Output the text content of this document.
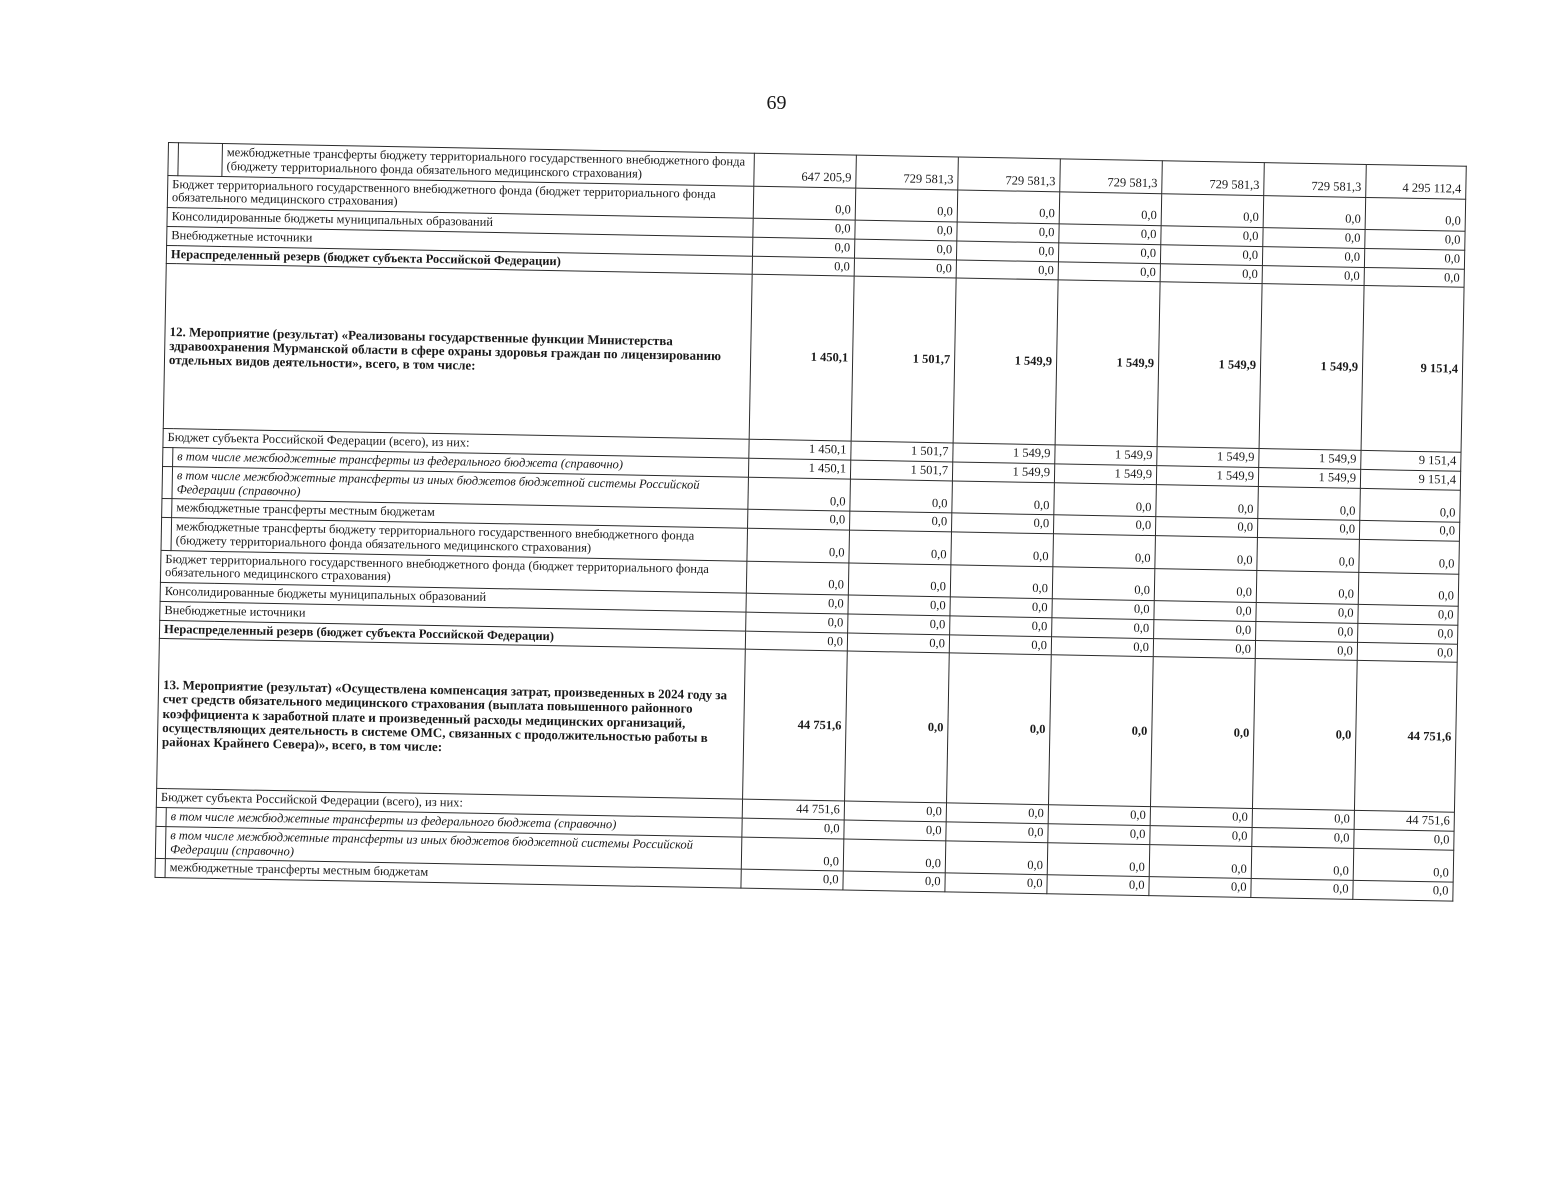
69
		межбюджетные трансферты бюджету территориального государственного внебюджетного фонда (бюджету территориального фонда обязательного медицинского страхования)	647 205,9	729 581,3	729 581,3	729 581,3	729 581,3	729 581,3	4 295 112,4
Бюджет территориального государственного внебюджетного фонда (бюджет территориального фонда обязательного медицинского страхования)			0,0	0,0	0,0	0,0	0,0	0,0	0,0
Консолидированные бюджеты муниципальных образований			0,0	0,0	0,0	0,0	0,0	0,0	0,0
Внебюджетные источники			0,0	0,0	0,0	0,0	0,0	0,0	0,0
Нераспределенный резерв (бюджет субъекта Российской Федерации)			0,0	0,0	0,0	0,0	0,0	0,0	0,0
12. Мероприятие (результат) «Реализованы государственные функции Министерства здравоохранения Мурманской области в сфере охраны здоровья граждан по лицензированию отдельных видов деятельности», всего, в том числе:			1 450,1	1 501,7	1 549,9	1 549,9	1 549,9	1 549,9	9 151,4
Бюджет субъекта Российской Федерации (всего), из них:			1 450,1	1 501,7	1 549,9	1 549,9	1 549,9	1 549,9	9 151,4
	в том числе межбюджетные трансферты из федерального бюджета (справочно)		1 450,1	1 501,7	1 549,9	1 549,9	1 549,9	1 549,9	9 151,4
	в том числе межбюджетные трансферты из иных бюджетов бюджетной системы Российской Федерации (справочно)		0,0	0,0	0,0	0,0	0,0	0,0	0,0
	межбюджетные трансферты местным бюджетам		0,0	0,0	0,0	0,0	0,0	0,0	0,0
	межбюджетные трансферты бюджету территориального государственного внебюджетного фонда (бюджету территориального фонда обязательного медицинского страхования)		0,0	0,0	0,0	0,0	0,0	0,0	0,0
Бюджет территориального государственного внебюджетного фонда (бюджет территориального фонда обязательного медицинского страхования)			0,0	0,0	0,0	0,0	0,0	0,0	0,0
Консолидированные бюджеты муниципальных образований			0,0	0,0	0,0	0,0	0,0	0,0	0,0
Внебюджетные источники			0,0	0,0	0,0	0,0	0,0	0,0	0,0
Нераспределенный резерв (бюджет субъекта Российской Федерации)			0,0	0,0	0,0	0,0	0,0	0,0	0,0
13. Мероприятие (результат) «Осуществлена компенсация затрат, произведенных в 2024 году за счет средств обязательного медицинского страхования (выплата повышенного районного коэффициента к заработной плате и произведенный расходы медицинских организаций, осуществляющих деятельность в системе ОМС, связанных с продолжительностью работы в районах Крайнего Севера)», всего, в том числе:			44 751,6	0,0	0,0	0,0	0,0	0,0	44 751,6
Бюджет субъекта Российской Федерации (всего), из них:			44 751,6	0,0	0,0	0,0	0,0	0,0	44 751,6
	в том числе межбюджетные трансферты из федерального бюджета (справочно)		0,0	0,0	0,0	0,0	0,0	0,0	0,0
	в том числе межбюджетные трансферты из иных бюджетов бюджетной системы Российской Федерации (справочно)		0,0	0,0	0,0	0,0	0,0	0,0	0,0
	межбюджетные трансферты местным бюджетам		0,0	0,0	0,0	0,0	0,0	0,0	0,0
